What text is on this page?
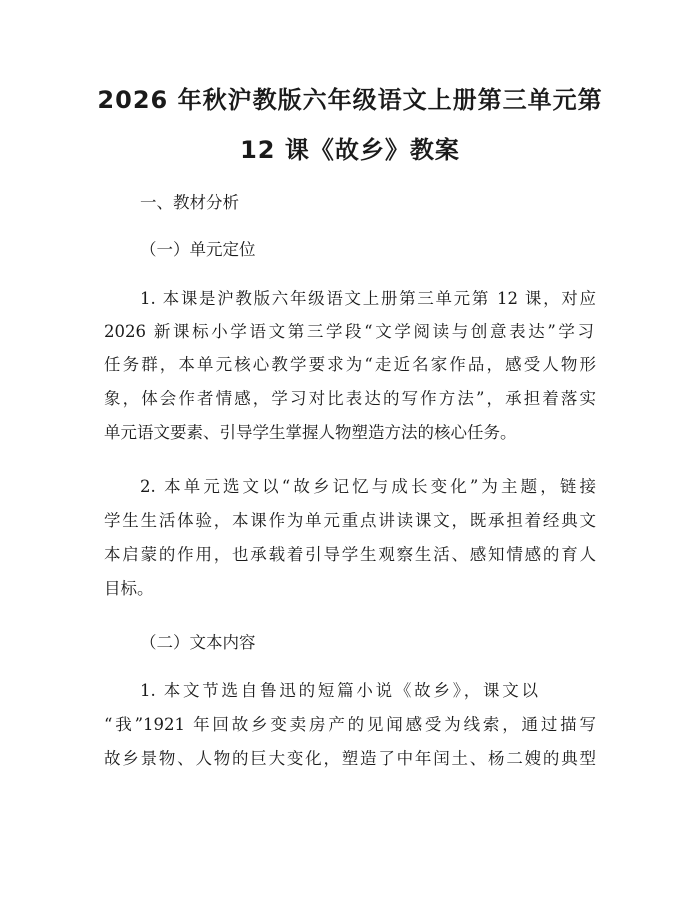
2026 年秋沪教版六年级语文上册第三单元第
12 课《故乡》教案
一、教材分析
（一）单元定位
1. 本课是沪教版六年级语文上册第三单元第 12 课，对应
2026 新课标小学语文第三学段“文学阅读与创意表达”学习
任务群，本单元核心教学要求为“走近名家作品，感受人物形
象，体会作者情感，学习对比表达的写作方法”，承担着落实
单元语文要素、引导学生掌握人物塑造方法的核心任务。
2. 本单元选文以“故乡记忆与成长变化”为主题，链接
学生生活体验，本课作为单元重点讲读课文，既承担着经典文
本启蒙的作用，也承载着引导学生观察生活、感知情感的育人
目标。
（二）文本内容
1. 本文节选自鲁迅的短篇小说《故乡》，课文以
“我”1921 年回故乡变卖房产的见闻感受为线索，通过描写
故乡景物、人物的巨大变化，塑造了中年闰土、杨二嫂的典型
